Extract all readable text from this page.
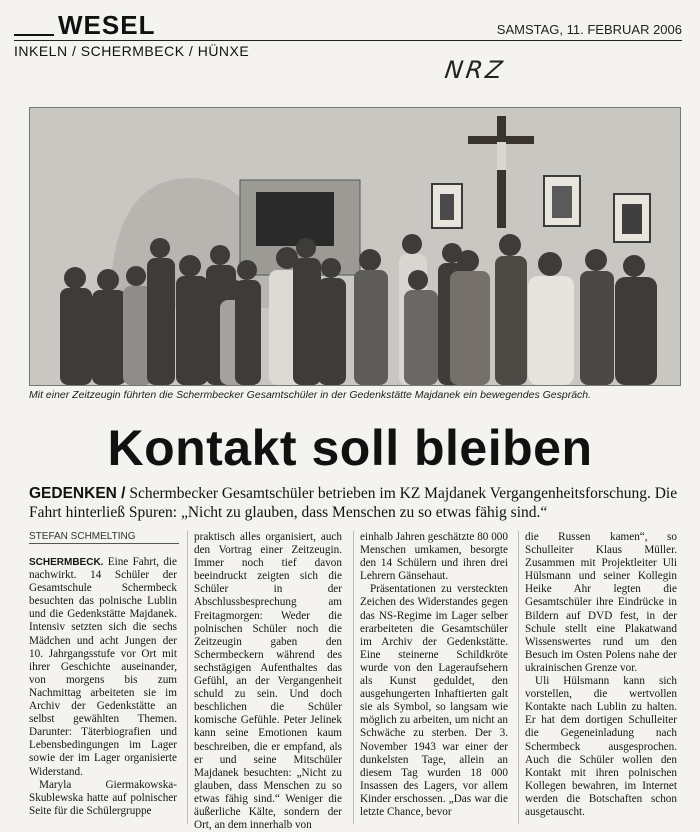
WESEL	SAMSTAG, 11. FEBRUAR 2006
INKELN / SCHERMBECK / HÜNXE
NRZ
Mit einer Zeitzeugin führten die Schermbecker Gesamtschüler in der Gedenkstätte Majdanek ein bewegendes Gespräch.
Kontakt soll bleiben
GEDENKEN / Schermbecker Gesamtschüler betrieben im KZ Majdanek Vergangenheitsforschung. Die Fahrt hinterließ Spuren: „Nicht zu glauben, dass Menschen zu so etwas fähig sind.“
STEFAN SCHMELTING

SCHERMBECK. Eine Fahrt, die nachwirkt. 14 Schüler der Gesamtschule Schermbeck besuchten das polnische Lublin und die Gedenkstätte Majdanek. Intensiv setzten sich die sechs Mädchen und acht Jungen der 10. Jahrgangsstufe vor Ort mit ihrer Geschichte auseinander, von morgens bis zum Nachmittag arbeiteten sie im Archiv der Gedenkstätte an selbst gewählten Themen. Darunter: Täterbiografien und Lebensbedingungen im Lager sowie der im Lager organisierte Widerstand.

Maryla Giermakowska-Skublewska hatte auf polnischer Seite für die Schülergruppe

praktisch alles organisiert, auch den Vortrag einer Zeitzeugin. Immer noch tief davon beeindruckt zeigten sich die Schüler in der Abschlussbesprechung am Freitagmorgen: Weder die polnischen Schüler noch die Zeitzeugin gaben den Schermbeckern während des sechstägigen Aufenthaltes das Gefühl, an der Vergangenheit schuld zu sein. Und doch beschlichen die Schüler komische Gefühle. Peter Jelinek kann seine Emotionen kaum beschreiben, die er empfand, als er und seine Mitschüler Majdanek besuchten: „Nicht zu glauben, dass Menschen zu so etwas fähig sind.“ Weniger die äußerliche Kälte, sondern der Ort, an dem innerhalb von

einhalb Jahren geschätzte 80 000 Menschen umkamen, besorgte den 14 Schülern und ihren drei Lehrern Gänsehaut.

Präsentationen zu versteckten Zeichen des Widerstandes gegen das NS-Regime im Lager selber erarbeiteten die Gesamtschüler im Archiv der Gedenkstätte. Eine steinerne Schildkröte wurde von den Lageraufsehern als Kunst geduldet, den ausgehungerten Inhaftierten galt sie als Symbol, so langsam wie möglich zu arbeiten, um nicht an Schwäche zu sterben. Der 3. November 1943 war einer der dunkelsten Tage, allein an diesem Tag wurden 18 000 Insassen des Lagers, vor allem Kinder erschossen. „Das war die letzte Chance, bevor

die Russen kamen“, so Schulleiter Klaus Müller. Zusammen mit Projektleiter Uli Hülsmann und seiner Kollegin Heike Ahr legten die Gesamtschüler ihre Eindrücke in Bildern auf DVD fest, in der Schule stellt eine Plakatwand Wissenswertes rund um den Besuch im Osten Polens nahe der ukrainischen Grenze vor.

Uli Hülsmann kann sich vorstellen, die wertvollen Kontakte nach Lublin zu halten. Er hat dem dortigen Schulleiter die Gegeneinladung nach Schermbeck ausgesprochen. Auch die Schüler wollen den Kontakt mit ihren polnischen Kollegen bewahren, im Internet werden die Botschaften schon ausgetauscht.
